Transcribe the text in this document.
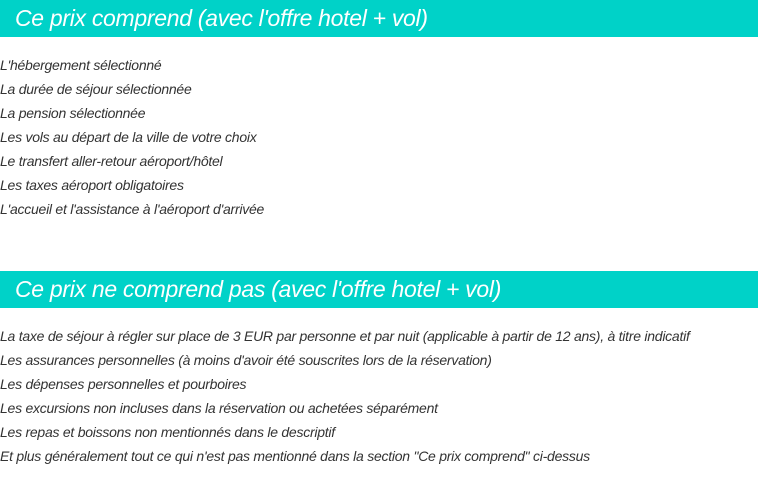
Ce prix comprend (avec l'offre hotel + vol)
L'hébergement sélectionné
La durée de séjour sélectionnée
La pension sélectionnée
Les vols au départ de la ville de votre choix
Le transfert aller-retour aéroport/hôtel
Les taxes aéroport obligatoires
L'accueil et l'assistance à l'aéroport d'arrivée
Ce prix ne comprend pas (avec l'offre hotel + vol)
La taxe de séjour à régler sur place de 3 EUR par personne et par nuit (applicable à partir de 12 ans), à titre indicatif
Les assurances personnelles (à moins d'avoir été souscrites lors de la réservation)
Les dépenses personnelles et pourboires
Les excursions non incluses dans la réservation ou achetées séparément
Les repas et boissons non mentionnés dans le descriptif
Et plus généralement tout ce qui n'est pas mentionné dans la section "Ce prix comprend" ci-dessus
